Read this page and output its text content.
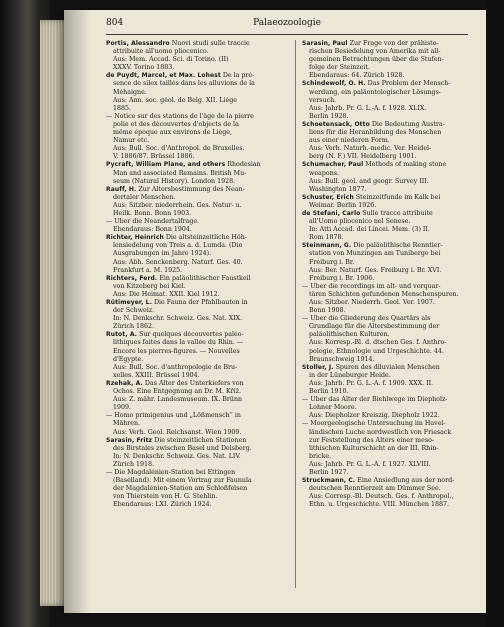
804	Palaeozoologie
Portis, Alessandro Nuovi studi sulle traccie
attribuite all'uomo pliocenico.
Aus: Mem. Accad. Sci. di Torino. (II)
XXXV. Torino 1883.
de Puydt, Marcel, et Max. Lohest De la pré-
sence de silex taillés dans les alluvions de la
Méhaigne.
Aus: Ann. soc. géol. de Belg. XII. Liège
1885.
— Notice sur des stations de l'âge de la pierre
polie et des découvertes d'objects de la
même époque aux environs de Liège,
Namur etc.
Aus: Bull. Soc. d'Anthropol. de Bruxelles.
V. 1886/87. Brüssel 1886.
Pycraft, William Plane, and others Rhodesian
Man and associated Remains. British Mu-
seum (Natural History). London 1928.
Rauff, H. Zur Altersbestimmung des Nean-
dertaler Menschen.
Aus: Sitzber. niederrhein. Ges. Natur- u.
Heilk. Bonn. Bonn 1903.
— Über die Neandertalfrage.
Ebendaraus: Bonn 1904.
Richter, Heinrich Die altsteinzeitliche Höh-
lensiedelung von Treis a. d. Lumda. (Die
Ausgrabungen im Jahre 1924).
Aus: Abh. Senckenberg. Naturf. Ges. 40.
Frankfurt a. M. 1925.
Richters, Ferd. Ein paläolithischer Faustkeil
von Kitzeberg bei Kiel.
Aus: Die Heimat. XXII. Kiel 1912.
Rütimeyer, L. Die Fauna der Pfahlbauten in
der Schweiz.
In: N. Denkschr. Schweiz. Ges. Nat. XIX.
Zürich 1862.
Rutot, A. Sur quelques découvertes paléo-
lithiques faites dans la vallée du Rhin. —
Encore les pierres-figures. — Nouvelles
d'Égypte.
Aus: Bull. Soc. d'anthropologie de Bru-
xelles. XXIII. Brüssel 1904.
Rzehak, A. Das Alter des Unterkiefers von
Ochos. Eine Entgegnung an Dr. M. Kříž.
Aus: Z. mähr. Landesmuseum. IX. Brünn
1909.
— Homo primigenius und „Lößmensch“ in
Mähren.
Aus: Verh. Geol. Reichsanst. Wien 1909.
Sarasin, Fritz Die steinzeitlichen Stationen
des Birstales zwischen Basel und Delsberg.
In: N. Denkschr. Schweiz. Ges. Nat. LIV.
Zürich 1918.
— Die Magdalénien-Station bei Ettingen
(Baselland). Mit einem Vortrag zur Faunula
der Magdalénien-Station am Schloßfelsen
von Thierstein von H. G. Stehlin.
Ebendaraus: LXI. Zürich 1924.
Sarasin, Paul Zur Frage von der prähisto-
rischen Besiedelung von Amerika mit all-
gemeinen Betrachtungen über die Stufen-
folge der Steinzeit.
Ebendaraus: 64. Zürich 1928.
Schindewolf, O. H. Das Problem der Mensch-
werdung, ein paläontologischer Lösungs-
versuch.
Aus: Jahrb. Pr. G. L.-A. f. 1928. XLIX.
Berlin 1928.
Schoetensack, Otto Die Bedeutung Austra-
liens für die Heranbildung des Menschen
aus einer niederen Form.
Aus: Verh. Naturh.-medic. Ver. Heidel-
berg (N. F.) VII. Heidelberg 1901.
Schumacher, Paul Methods of making stone
weapons.
Aus: Bull. geol. and geogr. Survey III.
Washington 1877.
Schuster, Erich Steinzeitfunde im Kalk bei
Weimar. Berlin 1926.
de Stefani, Carlo Sulle tracce attribuite
all'Uomo pliocenico nel Senese.
In: Atti Accad. dei Lincei. Mem. (3) II.
Rom 1878.
Steinmann, G. Die paläolithische Renntier-
station von Munzingen am Tuniberge bei
Freiburg i. Br.
Aus: Ber. Naturf. Ges. Freiburg i. Br. XVI.
Freiburg i. Br. 1906.
— Über die recordings im alt- und vorquar-
tären Schichten gefundenen Menschenspuren.
Aus: Sitzber. Niederrh. Geol. Ver. 1907.
Bonn 1908.
— Über die Gliederung des Quartärs als
Grundlage für die Altersbestimmung der
paläolithischen Kulturen.
Aus: Korresp.-Bl. d. dtschen Ges. f. Anthro-
pologie, Ethnologie und Urgeschichte. 44.
Braunschweig 1914.
Stoller, J. Spuren des diluvialen Menschen
in der Lüneburger Heide.
Aus: Jahrb. Pr. G. L.-A. f. 1909. XXX. II.
Berlin 1910.
— Über das Alter der Biehlwege im Diepholz-
Lohner Moore.
Aus: Diepholzer Kreiszig. Diepholz 1922.
— Moorgeologische Untersuchung im Havel-
ländischen Luche nordwestlich von Friesack
zur Feststellung des Alters einer meso-
lithischen Kulturschicht an der III. Rhin-
bricke.
Aus: Jahrb. Pr. G. L.-A. f. 1927. XLVIII.
Berlin 1927.
Struckmann, C. Eine Ansiedlung aus der nord-
deutschen Renntierzeit am Dümmer See.
Aus: Corresp.-Bl. Deutsch. Ges. f. Anthropol.,
Ethn. u. Urgeschichte. VIII. München 1887.
